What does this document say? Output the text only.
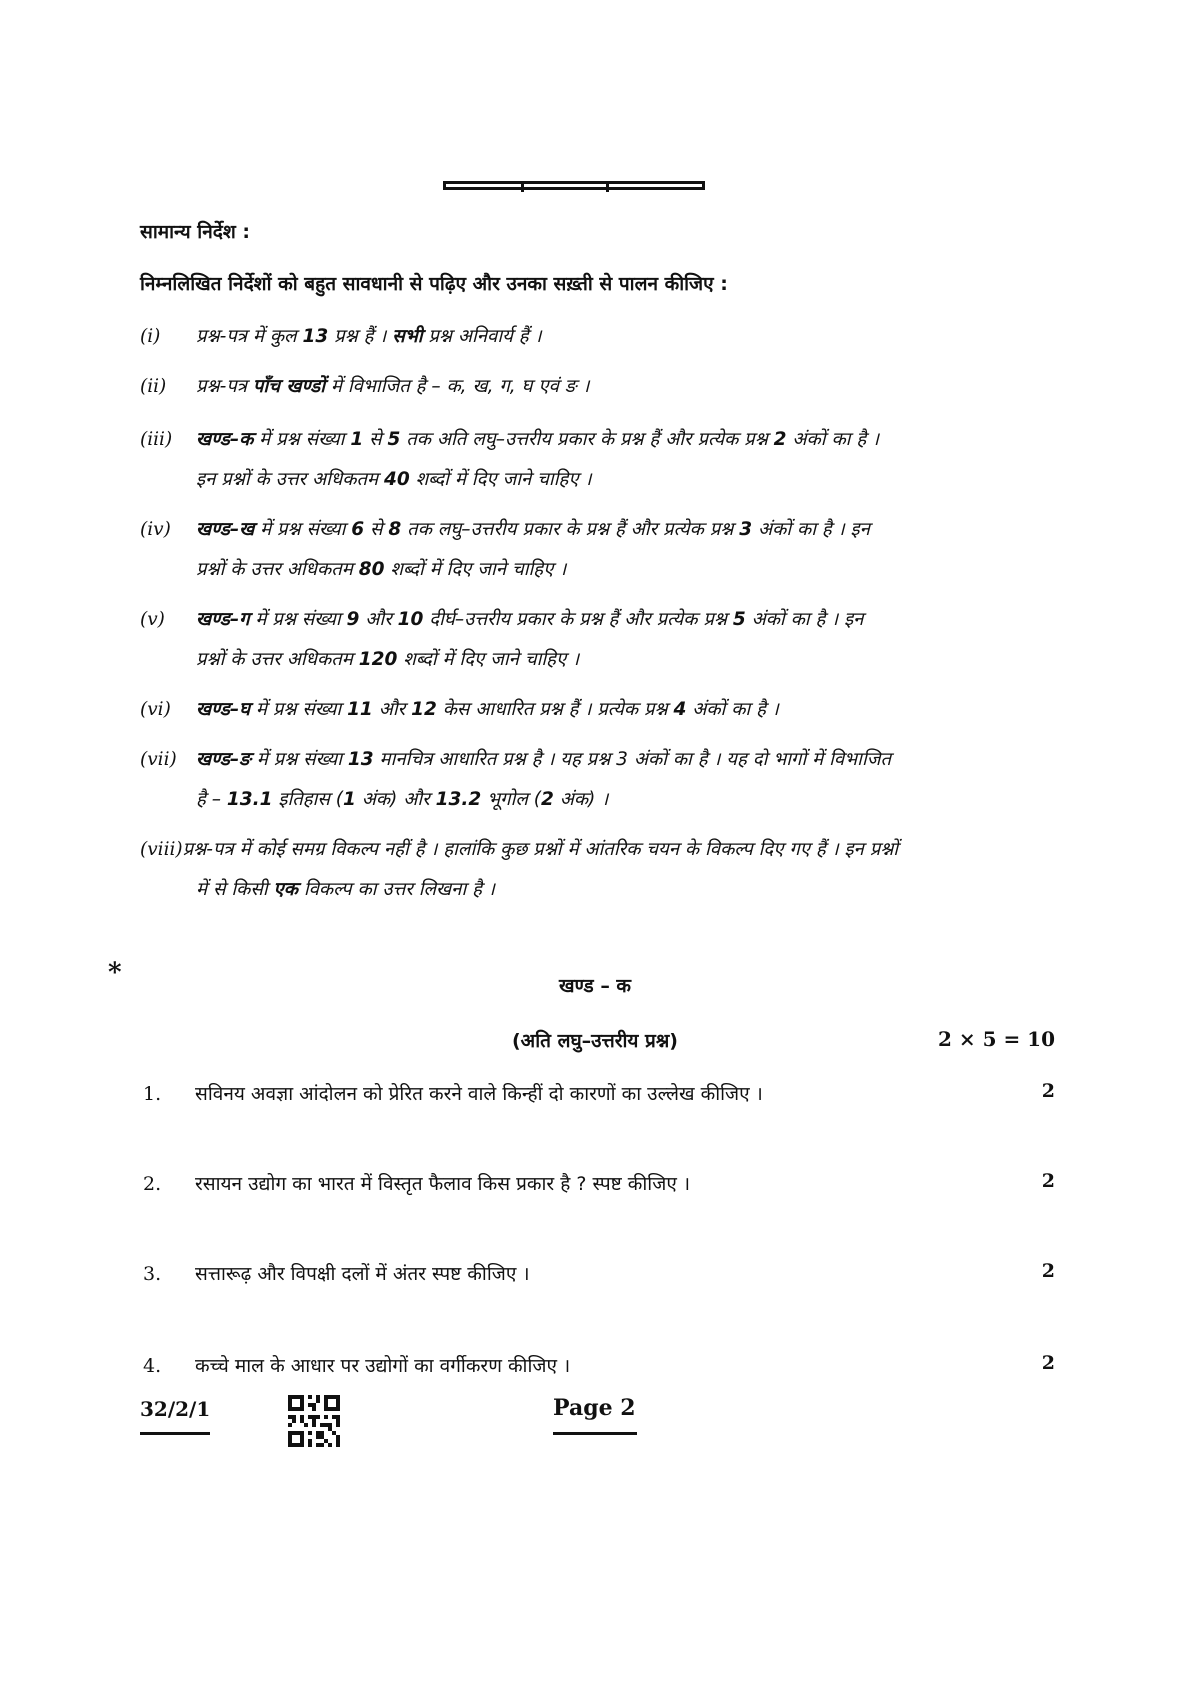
सामान्य निर्देश :
निम्नलिखित निर्देशों को बहुत सावधानी से पढ़िए और उनका सख़्ती से पालन कीजिए :
(i) प्रश्न-पत्र में कुल 13 प्रश्न हैं । सभी प्रश्न अनिवार्य हैं ।
(ii) प्रश्न-पत्र पाँच खण्डों में विभाजित है – क, ख, ग, घ एवं ङ ।
(iii) खण्ड–क में प्रश्न संख्या 1 से 5 तक अति लघु–उत्तरीय प्रकार के प्रश्न हैं और प्रत्येक प्रश्न 2 अंकों का है ।
इन प्रश्नों के उत्तर अधिकतम 40 शब्दों में दिए जाने चाहिए ।
(iv) खण्ड–ख में प्रश्न संख्या 6 से 8 तक लघु–उत्तरीय प्रकार के प्रश्न हैं और प्रत्येक प्रश्न 3 अंकों का है । इन
प्रश्नों के उत्तर अधिकतम 80 शब्दों में दिए जाने चाहिए ।
(v) खण्ड–ग में प्रश्न संख्या 9 और 10 दीर्घ–उत्तरीय प्रकार के प्रश्न हैं और प्रत्येक प्रश्न 5 अंकों का है । इन
प्रश्नों के उत्तर अधिकतम 120 शब्दों में दिए जाने चाहिए ।
(vi) खण्ड–घ में प्रश्न संख्या 11 और 12 केस आधारित प्रश्न हैं । प्रत्येक प्रश्न 4 अंकों का है ।
(vii) खण्ड–ङ में प्रश्न संख्या 13 मानचित्र आधारित प्रश्न है । यह प्रश्न 3 अंकों का है । यह दो भागों में विभाजित
है – 13.1 इतिहास (1 अंक) और 13.2 भूगोल (2 अंक) ।
(viii)प्रश्न-पत्र में कोई समग्र विकल्प नहीं है । हालांकि कुछ प्रश्नों में आंतरिक चयन के विकल्प दिए गए हैं । इन प्रश्नों
में से किसी एक विकल्प का उत्तर लिखना है ।
*	खण्ड – क
(अति लघु–उत्तरीय प्रश्न)	2 × 5 = 10
1. सविनय अवज्ञा आंदोलन को प्रेरित करने वाले किन्हीं दो कारणों का उल्लेख कीजिए ।	2
2. रसायन उद्योग का भारत में विस्तृत फैलाव किस प्रकार है ? स्पष्ट कीजिए ।	2
3. सत्तारूढ़ और विपक्षी दलों में अंतर स्पष्ट कीजिए ।	2
4. कच्चे माल के आधार पर उद्योगों का वर्गीकरण कीजिए ।	2
32/2/1	Page 2
